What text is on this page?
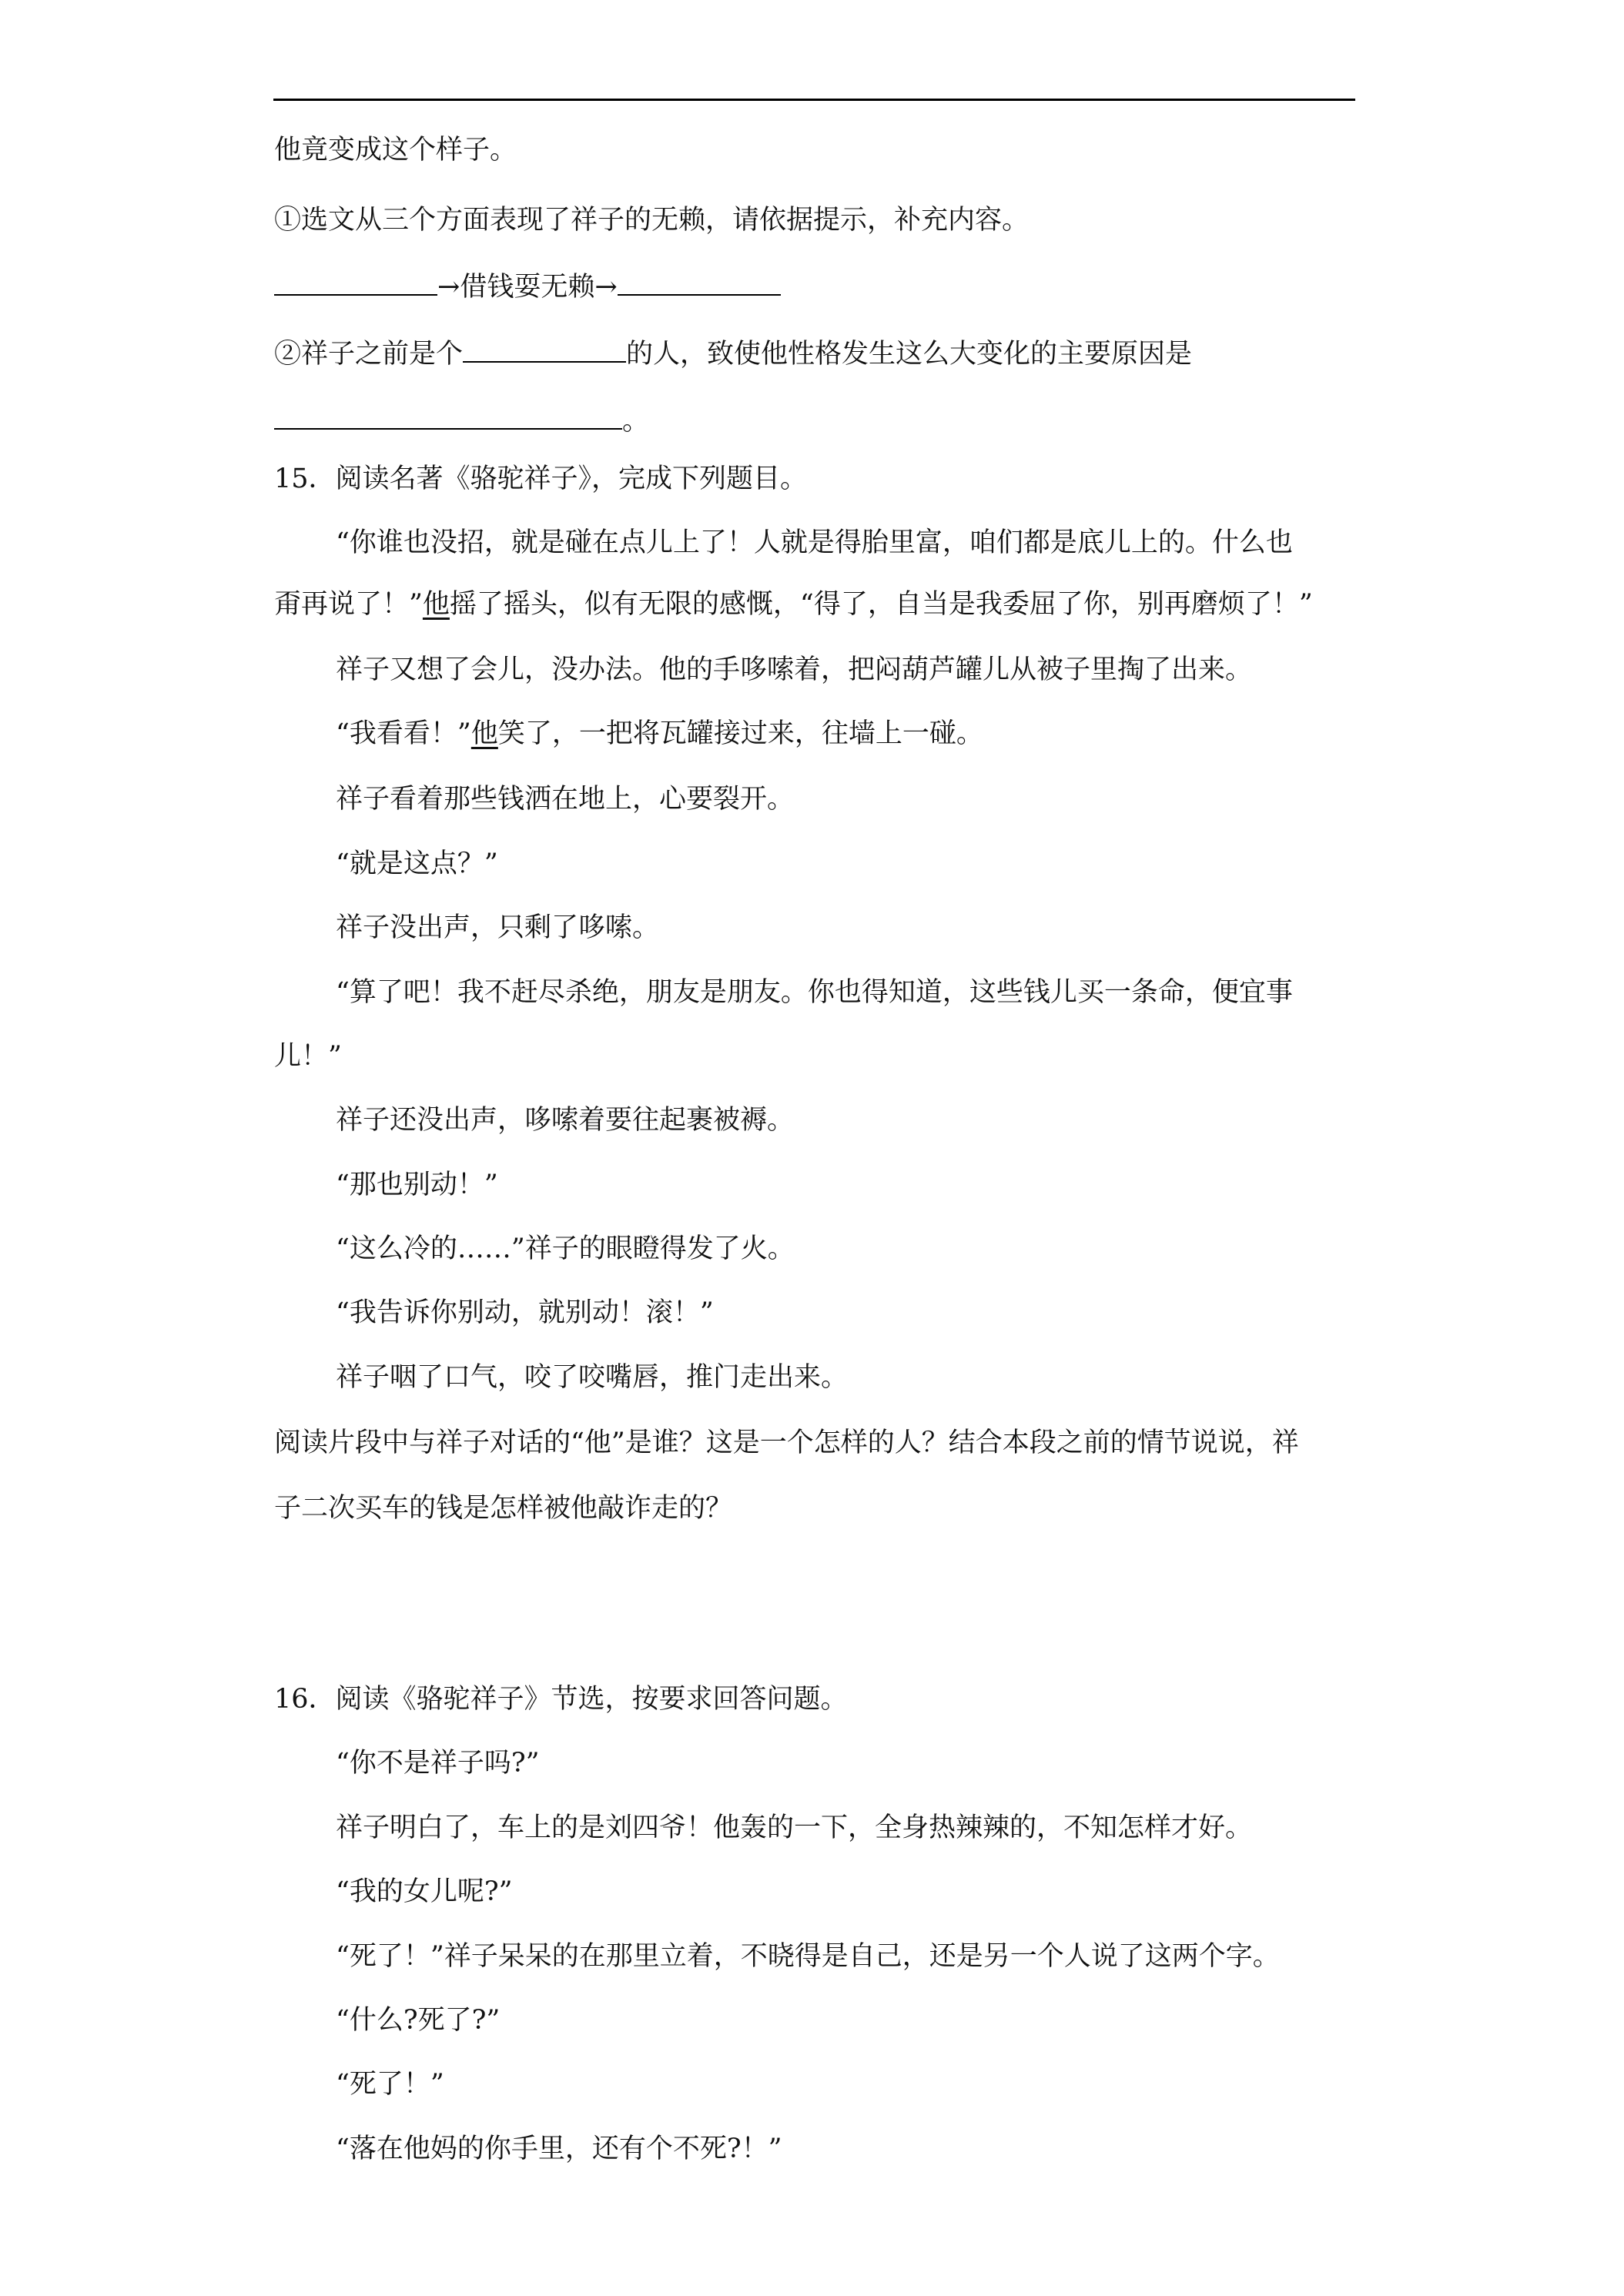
他竟变成这个样子。
①选文从三个方面表现了祥子的无赖，请依据提示，补充内容。
→借钱耍无赖→
②祥子之前是个	的人，致使他性格发生这么大变化的主要原因是
。
15．阅读名著《骆驼祥子》，完成下列题目。
“你谁也没招，就是碰在点儿上了！人就是得胎里富，咱们都是底儿上的。什么也
甭再说了！”他摇了摇头，似有无限的感慨，“得了，自当是我委屈了你，别再磨烦了！”
祥子又想了会儿，没办法。他的手哆嗦着，把闷葫芦罐儿从被子里掏了出来。
“我看看！”他笑了，一把将瓦罐接过来，往墙上一碰。
祥子看着那些钱洒在地上，心要裂开。
“就是这点？”
祥子没出声，只剩了哆嗦。
“算了吧！我不赶尽杀绝，朋友是朋友。你也得知道，这些钱儿买一条命，便宜事
儿！”
祥子还没出声，哆嗦着要往起裹被褥。
“那也别动！”
“这么冷的……”祥子的眼瞪得发了火。
“我告诉你别动，就别动！滚！”
祥子咽了口气，咬了咬嘴唇，推门走出来。
阅读片段中与祥子对话的“他”是谁？这是一个怎样的人？结合本段之前的情节说说，祥
子二次买车的钱是怎样被他敲诈走的？
16．阅读《骆驼祥子》节选，按要求回答问题。
“你不是祥子吗?”
祥子明白了，车上的是刘四爷！他轰的一下，全身热辣辣的，不知怎样才好。
“我的女儿呢?”
“死了！”祥子呆呆的在那里立着，不晓得是自己，还是另一个人说了这两个字。
“什么?死了?”
“死了！”
“落在他妈的你手里，还有个不死?！”
